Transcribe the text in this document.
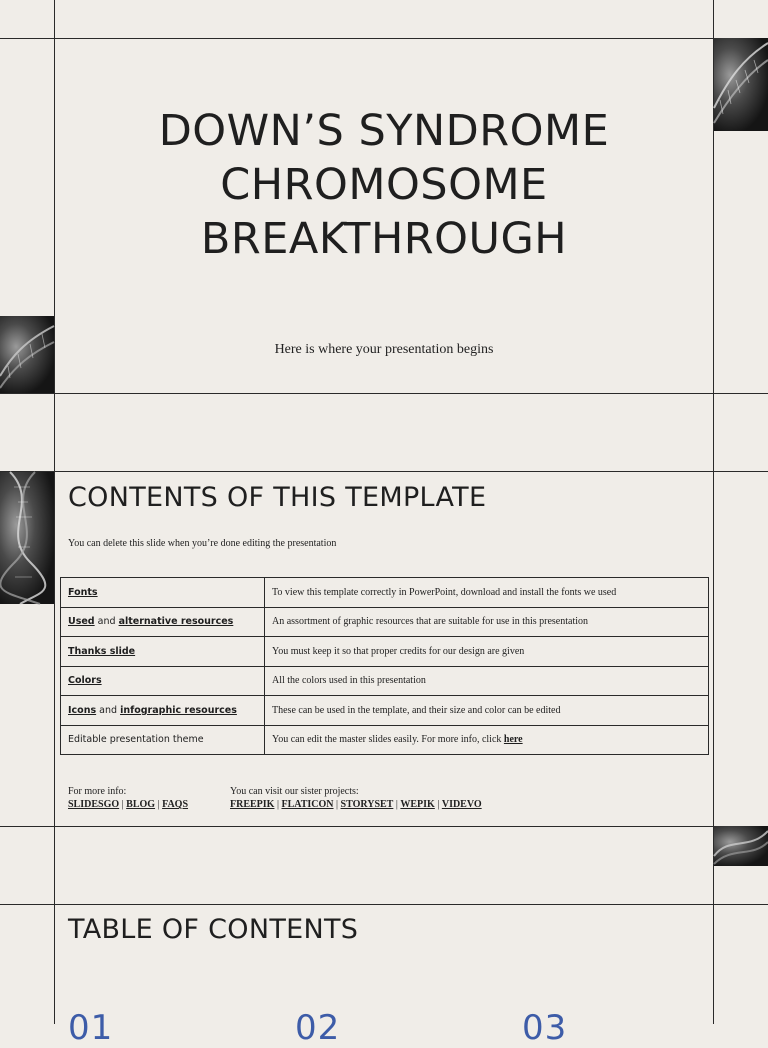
DOWN’S SYNDROME
CHROMOSOME
BREAKTHROUGH
Here is where your presentation begins
CONTENTS OF THIS TEMPLATE
You can delete this slide when you’re done editing the presentation
Fonts	To view this template correctly in PowerPoint, download and install the fonts we used
Used and alternative resources	An assortment of graphic resources that are suitable for use in this presentation
Thanks slide	You must keep it so that proper credits for our design are given
Colors	All the colors used in this presentation
Icons and infographic resources	These can be used in the template, and their size and color can be edited
Editable presentation theme	You can edit the master slides easily. For more info, click here
For more info:
SLIDESGO | BLOG | FAQS
You can visit our sister projects:
FREEPIK | FLATICON | STORYSET | WEPIK | VIDEVO
TABLE OF CONTENTS
01	02	03
